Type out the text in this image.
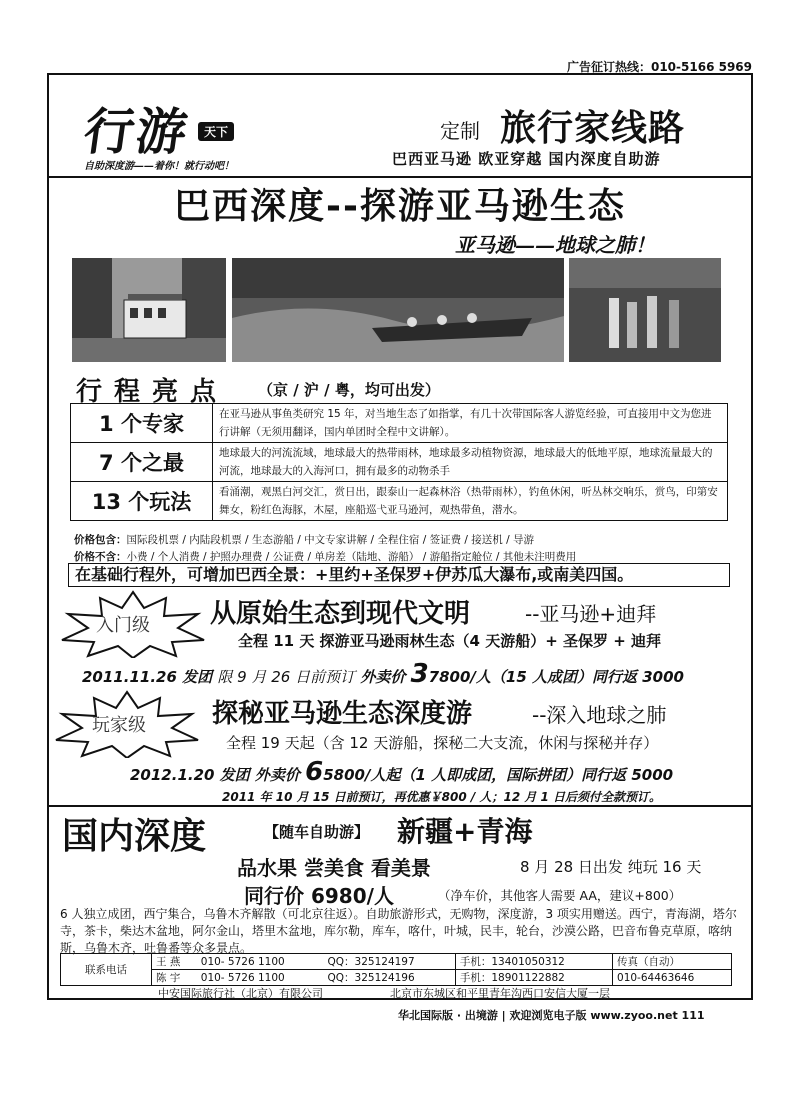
广告征订热线：010-5166 5969
行游 天下
自助深度游——着你！就行动吧！
定制 旅行家线路
巴西亚马逊 欧亚穿越 国内深度自助游
巴西深度--探游亚马逊生态
亚马逊——地球之肺！
行程亮点 （京 / 沪 / 粤，均可出发）
1 个专家	在亚马逊从事鱼类研究 15 年，对当地生态了如指掌，有几十次带国际客人游览经验，可直接用中文为您进行讲解（无须用翻译，国内单团时全程中文讲解）。
7 个之最	地球最大的河流流域，地球最大的热带雨林，地球最多动植物资源，地球最大的低地平原，地球流量最大的河流，地球最大的入海河口，拥有最多的动物杀手
13 个玩法	看涌潮，观黑白河交汇，赏日出，跟泰山一起森林浴（热带雨林），钓鱼休闲，听丛林交响乐，赏鸟，印第安舞女，粉红色海豚，木屋，座船巡弋亚马逊河，观热带鱼，潜水。
价格包含：国际段机票 / 内陆段机票 / 生态游船 / 中文专家讲解 / 全程住宿 / 签证费 / 接送机 / 导游
价格不含：小费 / 个人消费 / 护照办理费 / 公证费 / 单房差（陆地、游船） / 游船指定舱位 / 其他未注明费用
在基础行程外，可增加巴西全景：+里约+圣保罗+伊苏瓜大瀑布,或南美四国。
入门级 从原始生态到现代文明	--亚马逊+迪拜
全程 11 天 探游亚马逊雨林生态（4 天游船）+ 圣保罗 + 迪拜
2011.11.26 发团 限 9 月 26 日前预订 外卖价 37800/人（15 人成团）同行返 3000
玩家级	探秘亚马逊生态深度游	--深入地球之肺
全程 19 天起（含 12 天游船，探秘二大支流，休闲与探秘并存）
2012.1.20 发团 外卖价 65800/人起（1 人即成团，国际拼团）同行返 5000
2011 年 10 月 15 日前预订，再优惠￥800 / 人；12 月 1 日后须付全款预订。
国内深度	【随车自助游】 新疆+青海
品水果 尝美食 看美景	8 月 28 日出发 纯玩 16 天
同行价 6980/人	（净车价，其他客人需要 AA，建议+800）
6 人独立成团，西宁集合，乌鲁木齐解散（可北京往返）。自助旅游形式，无购物，深度游，3 项实用赠送。西宁，青海湖，塔尔寺，茶卡，柴达木盆地，阿尔金山，塔里木盆地，库尔勒，库车，喀什，叶城，民丰，轮台，沙漠公路，巴音布鲁克草原，喀纳斯，乌鲁木齐，吐鲁番等众多景点。
联系电话	王 燕	010- 5726 1100	QQ：325124197	手机：13401050312	传真（自动）
	陈 宇	010- 5726 1100	QQ：325124196	手机：18901122882	010-64463646
中安国际旅行社（北京）有限公司	北京市东城区和平里青年沟西口安信大厦一层
华北国际版 · 出境游 | 欢迎浏览电子版 www.zyoo.net 111
